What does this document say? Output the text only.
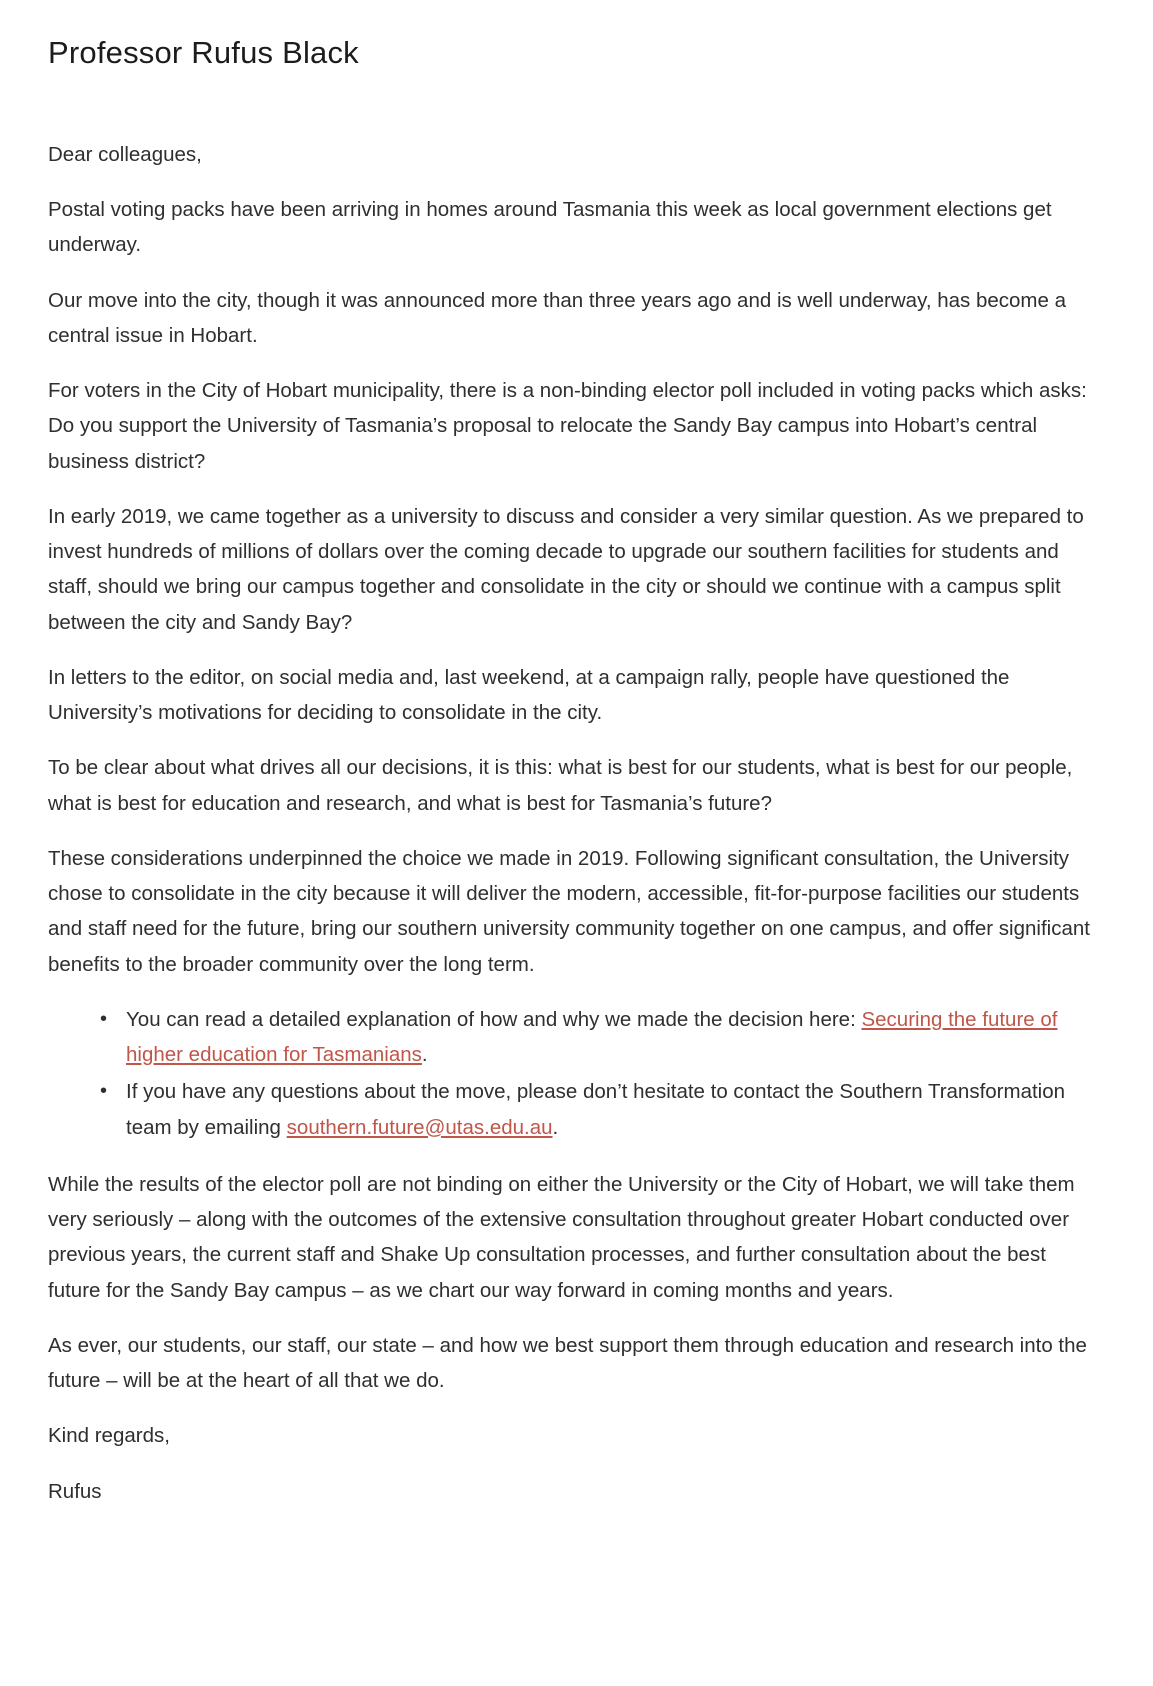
Professor Rufus Black

Dear colleagues,

Postal voting packs have been arriving in homes around Tasmania this week as local government elections get underway.

Our move into the city, though it was announced more than three years ago and is well underway, has become a central issue in Hobart.

For voters in the City of Hobart municipality, there is a non-binding elector poll included in voting packs which asks: Do you support the University of Tasmania’s proposal to relocate the Sandy Bay campus into Hobart’s central business district?

In early 2019, we came together as a university to discuss and consider a very similar question. As we prepared to invest hundreds of millions of dollars over the coming decade to upgrade our southern facilities for students and staff, should we bring our campus together and consolidate in the city or should we continue with a campus split between the city and Sandy Bay?

In letters to the editor, on social media and, last weekend, at a campaign rally, people have questioned the University’s motivations for deciding to consolidate in the city.

To be clear about what drives all our decisions, it is this: what is best for our students, what is best for our people, what is best for education and research, and what is best for Tasmania’s future?

These considerations underpinned the choice we made in 2019. Following significant consultation, the University chose to consolidate in the city because it will deliver the modern, accessible, fit-for-purpose facilities our students and staff need for the future, bring our southern university community together on one campus, and offer significant benefits to the broader community over the long term.

• You can read a detailed explanation of how and why we made the decision here: Securing the future of higher education for Tasmanians.
• If you have any questions about the move, please don’t hesitate to contact the Southern Transformation team by emailing southern.future@utas.edu.au.

While the results of the elector poll are not binding on either the University or the City of Hobart, we will take them very seriously – along with the outcomes of the extensive consultation throughout greater Hobart conducted over previous years, the current staff and Shake Up consultation processes, and further consultation about the best future for the Sandy Bay campus – as we chart our way forward in coming months and years.

As ever, our students, our staff, our state – and how we best support them through education and research into the future – will be at the heart of all that we do.

Kind regards,

Rufus
